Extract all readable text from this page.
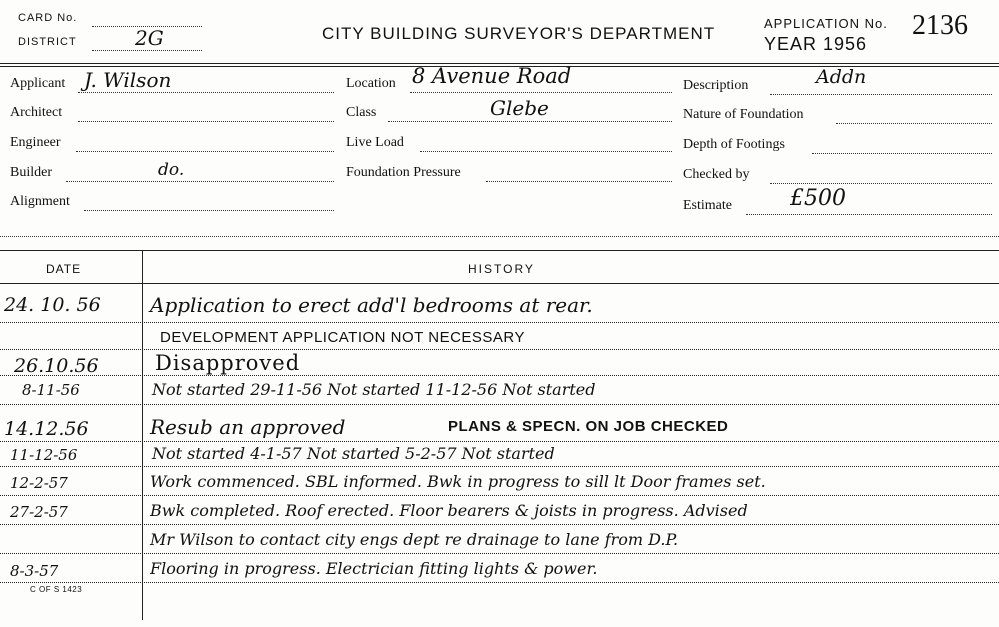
CARD No.
DISTRICT	2G	CITY BUILDING SURVEYOR'S DEPARTMENT
APPLICATION No. 2136
YEAR 1956
Applicant J. Wilson
Architect
Engineer
Builder	do.
Alignment
Location 8 Avenue Road
Class	Glebe
Live Load
Foundation Pressure
Description	Addn
Nature of Foundation
Depth of Footings
Checked by
Estimate	£500
DATE	HISTORY
24. 10. 56 Application to erect add'l bedrooms at rear.
DEVELOPMENT APPLICATION NOT NECESSARY
26.10.56	Disapproved
8-11-56	Not started 29-11-56 Not started 11-12-56 Not started
14.12.56	Resub an approved	PLANS & SPECN. ON JOB CHECKED
11-12-56	Not started 4-1-57 Not started 5-2-57 Not started
12-2-57	Work commenced. SBL informed. Bwk in progress to sill lt Door frames set.
27-2-57	Bwk completed. Roof erected. Floor bearers & joists in progress. Advised
Mr Wilson to contact city engs dept re drainage to lane from D.P.
8-3-57	Flooring in progress. Electrician fitting lights & power.
C OF S 1423
